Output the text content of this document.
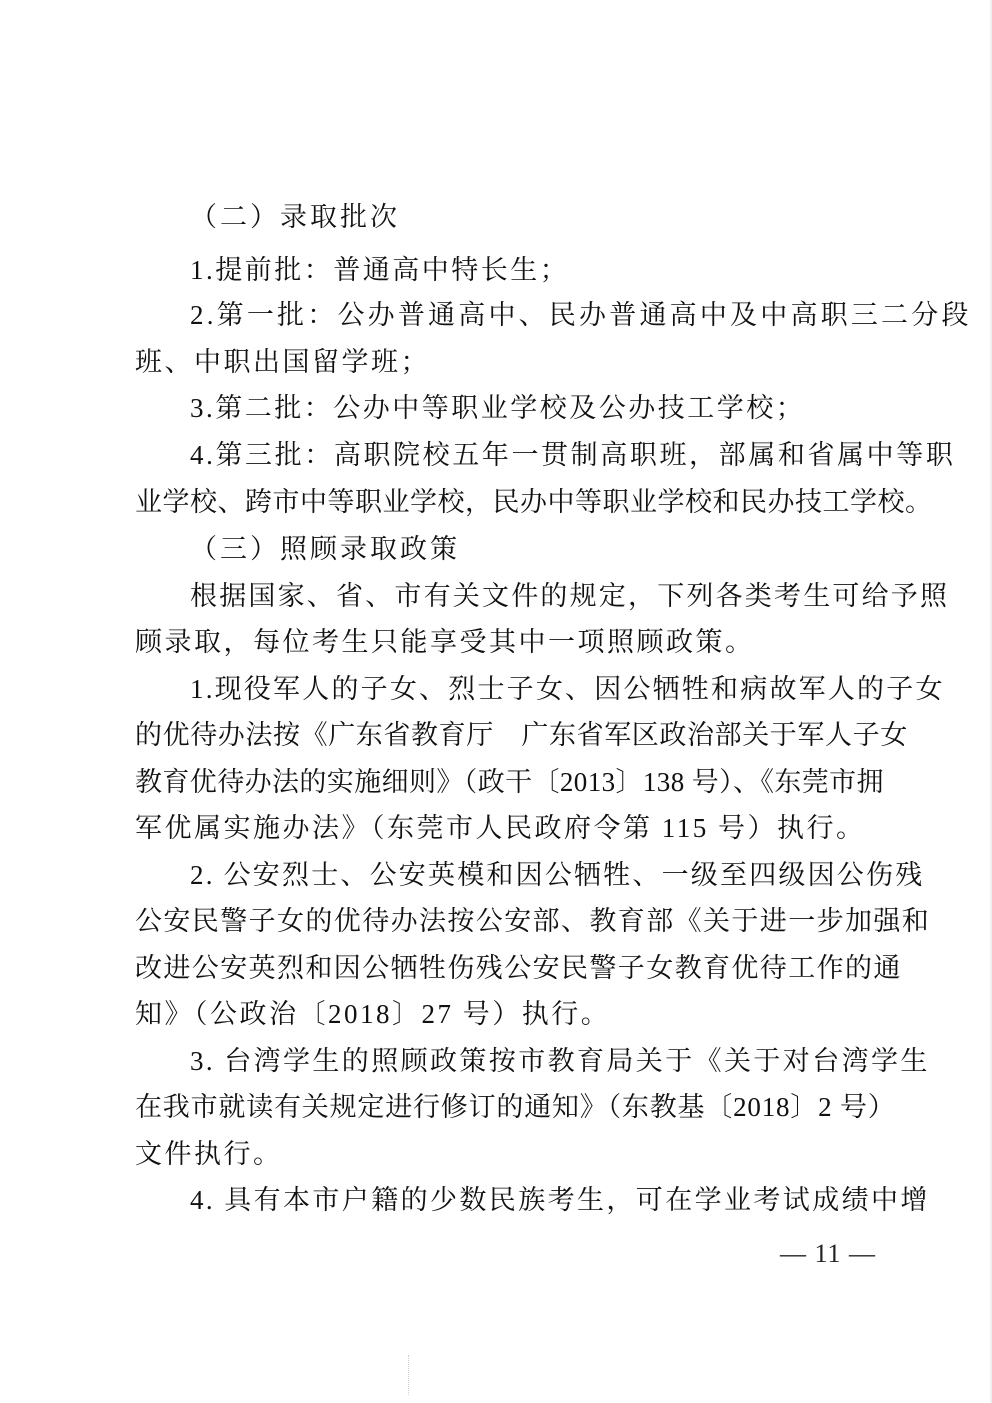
（二）录取批次
1.提前批：普通高中特长生；
2.第一批：公办普通高中、民办普通高中及中高职三二分段
班、中职出国留学班；
3.第二批：公办中等职业学校及公办技工学校；
4.第三批：高职院校五年一贯制高职班，部属和省属中等职
业学校、跨市中等职业学校，民办中等职业学校和民办技工学校。
（三）照顾录取政策
根据国家、省、市有关文件的规定，下列各类考生可给予照
顾录取，每位考生只能享受其中一项照顾政策。
1.现役军人的子女、烈士子女、因公牺牲和病故军人的子女
的优待办法按《广东省教育厅　广东省军区政治部关于军人子女
教育优待办法的实施细则》（政干〔2013〕138 号）、《东莞市拥
军优属实施办法》（东莞市人民政府令第 115 号）执行。
2. 公安烈士、公安英模和因公牺牲、一级至四级因公伤残
公安民警子女的优待办法按公安部、教育部《关于进一步加强和
改进公安英烈和因公牺牲伤残公安民警子女教育优待工作的通
知》（公政治〔2018〕27 号）执行。
3. 台湾学生的照顾政策按市教育局关于《关于对台湾学生
在我市就读有关规定进行修订的通知》（东教基〔2018〕2 号）
文件执行。
4. 具有本市户籍的少数民族考生，可在学业考试成绩中增
— 11 —
